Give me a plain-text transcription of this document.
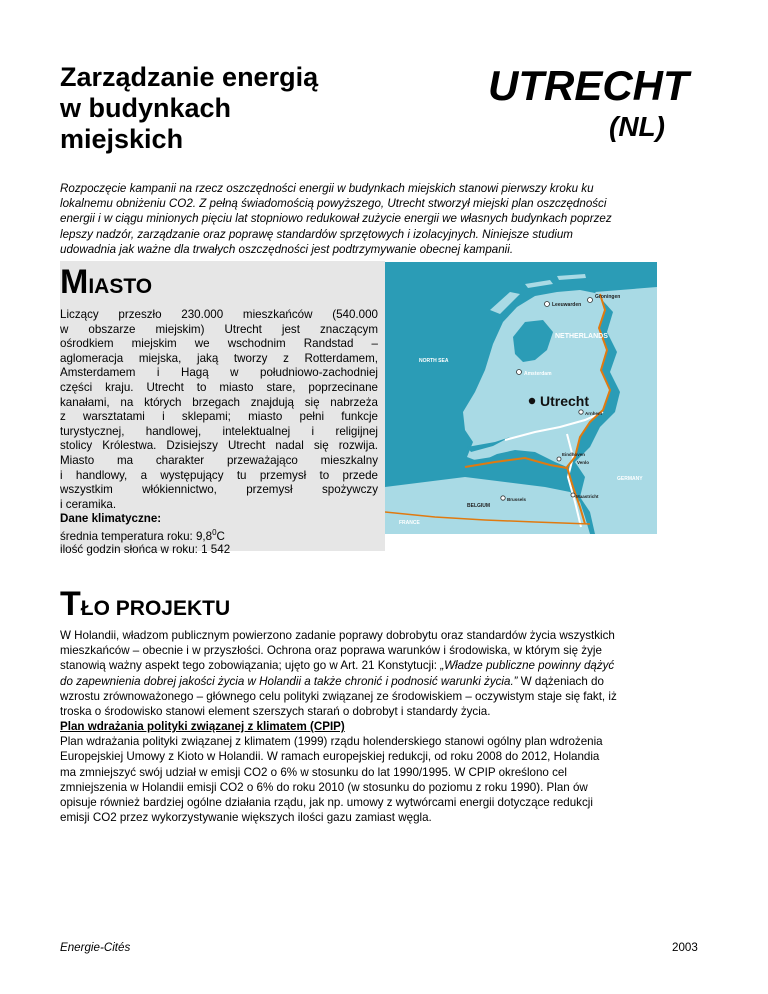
Zarządzanie energią
w budynkach
miejskich
UTRECHT
(NL)
Rozpoczęcie kampanii na rzecz oszczędności energii w budynkach miejskich stanowi pierwszy kroku ku
lokalnemu obniżeniu CO2. Z pełną świadomością powyższego, Utrecht stworzył miejski plan oszczędności
energii i w ciągu minionych pięciu lat stopniowo redukował zużycie energii we własnych budynkach poprzez
lepszy nadzór, zarządzanie oraz poprawę standardów sprzętowych i izolacyjnych. Niniejsze studium
udowadnia jak ważne dla trwałych oszczędności jest podtrzymywanie obecnej kampanii.
MIASTO
Liczący przeszło 230.000 mieszkańców (540.000
w obszarze miejskim) Utrecht jest znaczącym
ośrodkiem miejskim we wschodnim Randstad –
aglomeracja miejska, jaką tworzy z Rotterdamem,
Amsterdamem i Hagą w południowo-zachodniej
części kraju. Utrecht to miasto stare, poprzecinane
kanałami, na których brzegach znajdują się nabrzeża
z warsztatami i sklepami; miasto pełni funkcje
turystycznej, handlowej, intelektualnej i religijnej
stolicy Królestwa. Dzisiejszy Utrecht nadal się rozwija.
Miasto ma charakter przeważająco mieszkalny
i handlowy, a występujący tu przemysł to przede
wszystkim włókiennictwo, przemysł spożywczy
i ceramika.
Dane klimatyczne:
średnia temperatura roku: $9,8^0C$
ilość godzin słońca w roku: 1 542
Leeuwarden
Groningen
NETHERLANDS
NORTH SEA
Amsterdam
Utrecht
Arnhem
Venlo
Eindhoven
Brussels
BELGIUM
Maastricht
GERMANY
FRANCE
TŁO PROJEKTU
W Holandii, władzom publicznym powierzono zadanie poprawy dobrobytu oraz standardów życia wszystkich
mieszkańców – obecnie i w przyszłości. Ochrona oraz poprawa warunków i środowiska, w którym się żyje
stanowią ważny aspekt tego zobowiązania; ujęto go w Art. 21 Konstytucji: „Władze publiczne powinny dążyć
do zapewnienia dobrej jakości życia w Holandii a także chronić i podnosić warunki życia.” W dążeniach do
wzrostu zrównoważonego – głównego celu polityki związanej ze środowiskiem – oczywistym staje się fakt, iż
troska o środowisko stanowi element szerszych starań o dobrobyt i standardy życia.
Plan wdrażania polityki związanej z klimatem (CPIP)
Plan wdrażania polityki związanej z klimatem (1999) rządu holenderskiego stanowi ogólny plan wdrożenia
Europejskiej Umowy z Kioto w Holandii. W ramach europejskiej redukcji, od roku 2008 do 2012, Holandia
ma zmniejszyć swój udział w emisji CO2 o 6% w stosunku do lat 1990/1995. W CPIP określono cel
zmniejszenia w Holandii emisji CO2 o 6% do roku 2010 (w stosunku do poziomu z roku 1990). Plan ów
opisuje również bardziej ogólne działania rządu, jak np. umowy z wytwórcami energii dotyczące redukcji
emisji CO2 przez wykorzystywanie większych ilości gazu zamiast węgla.
Energie-Cités	2003
